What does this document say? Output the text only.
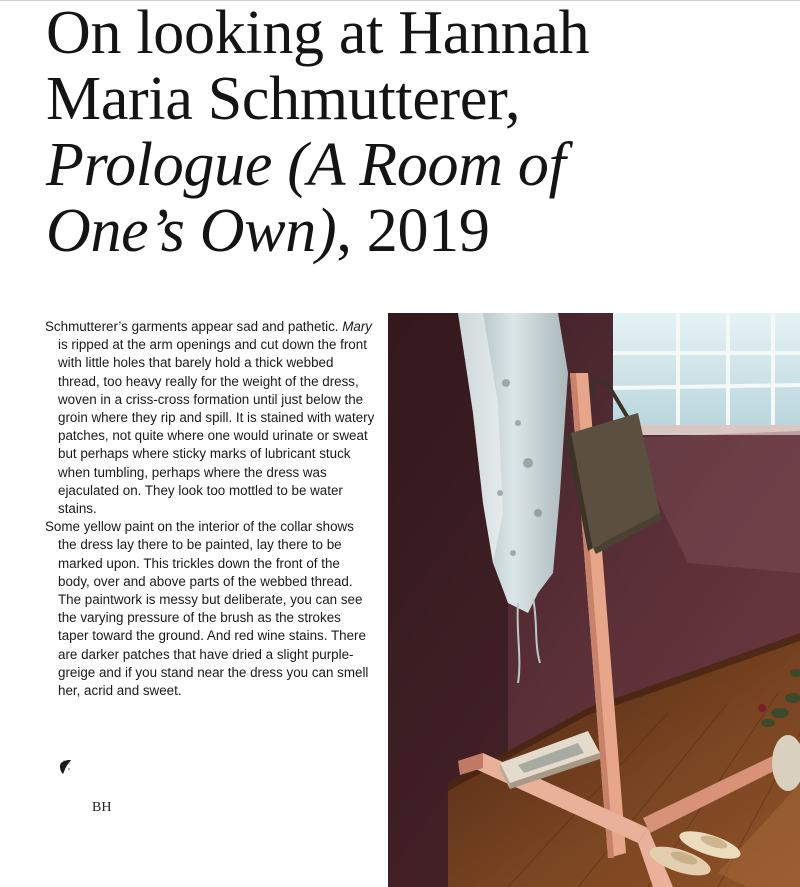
On looking at Hannah
Maria Schmutterer,
Prologue (A Room of
One’s Own), 2019

Schmutterer’s garments appear sad and pathetic. Mary is ripped at the arm openings and cut down the front with little holes that barely hold a thick webbed thread, too heavy really for the weight of the dress, woven in a criss-cross formation until just below the groin where they rip and spill. It is stained with watery patches, not quite where one would urinate or sweat but perhaps where sticky marks of lubricant stuck when tumbling, perhaps where the dress was ejaculated on. They look too mottled to be water stains.

Some yellow paint on the interior of the collar shows the dress lay there to be painted, lay there to be marked upon. This trickles down the front of the body, over and above parts of the webbed thread. The paintwork is messy but deliberate, you can see the varying pressure of the brush as the strokes taper toward the ground. And red wine stains. There are darker patches that have dried a slight purple-greige and if you stand near the dress you can smell her, acrid and sweet.

BH
